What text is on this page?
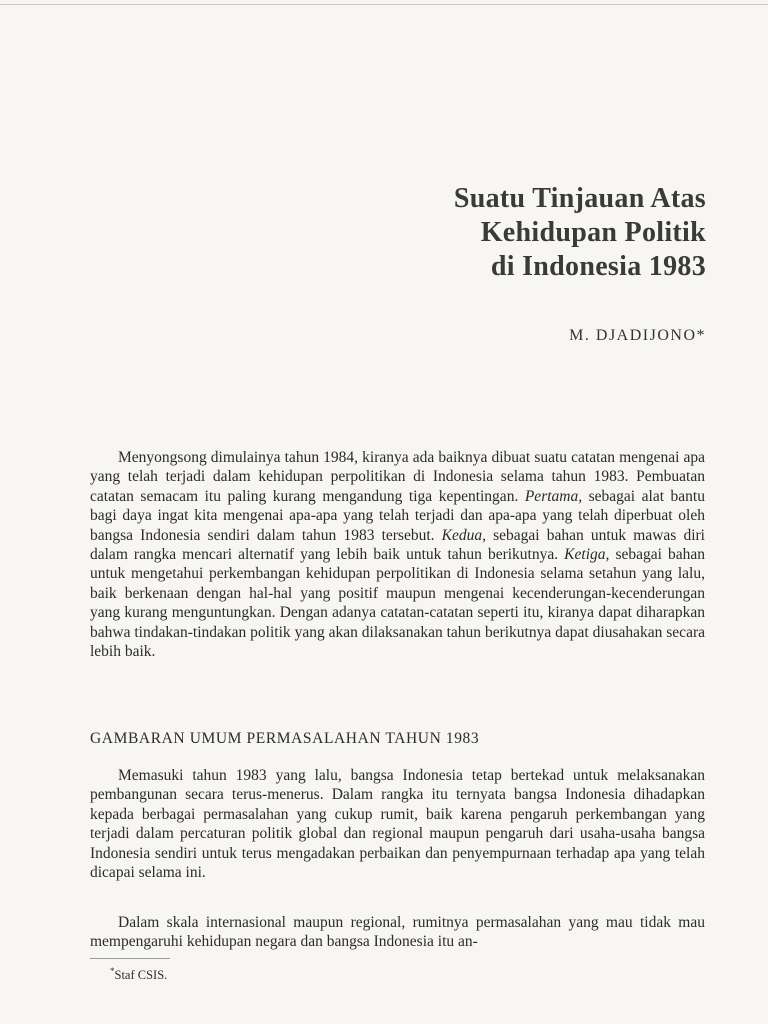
Suatu Tinjauan Atas
Kehidupan Politik
di Indonesia 1983
M. DJADIJONO*

Menyongsong dimulainya tahun 1984, kiranya ada baiknya dibuat suatu catatan mengenai apa yang telah terjadi dalam kehidupan perpolitikan di Indonesia selama tahun 1983. Pembuatan catatan semacam itu paling kurang mengandung tiga kepentingan. Pertama, sebagai alat bantu bagi daya ingat kita mengenai apa-apa yang telah terjadi dan apa-apa yang telah diperbuat oleh bangsa Indonesia sendiri dalam tahun 1983 tersebut. Kedua, sebagai bahan untuk mawas diri dalam rangka mencari alternatif yang lebih baik untuk tahun berikutnya. Ketiga, sebagai bahan untuk mengetahui perkembangan kehidupan perpolitikan di Indonesia selama setahun yang lalu, baik berkenaan dengan hal-hal yang positif maupun mengenai kecenderungan-kecenderungan yang kurang menguntungkan. Dengan adanya catatan-catatan seperti itu, kiranya dapat diharapkan bahwa tindakan-tindakan politik yang akan dilaksanakan tahun berikutnya dapat diusahakan secara lebih baik.

GAMBARAN UMUM PERMASALAHAN TAHUN 1983

Memasuki tahun 1983 yang lalu, bangsa Indonesia tetap bertekad untuk melaksanakan pembangunan secara terus-menerus. Dalam rangka itu ternyata bangsa Indonesia dihadapkan kepada berbagai permasalahan yang cukup rumit, baik karena pengaruh perkembangan yang terjadi dalam percaturan politik global dan regional maupun pengaruh dari usaha-usaha bangsa Indonesia sendiri untuk terus mengadakan perbaikan dan penyempurnaan terhadap apa yang telah dicapai selama ini.

Dalam skala internasional maupun regional, rumitnya permasalahan yang mau tidak mau mempengaruhi kehidupan negara dan bangsa Indonesia itu an-

*Staf CSIS.
